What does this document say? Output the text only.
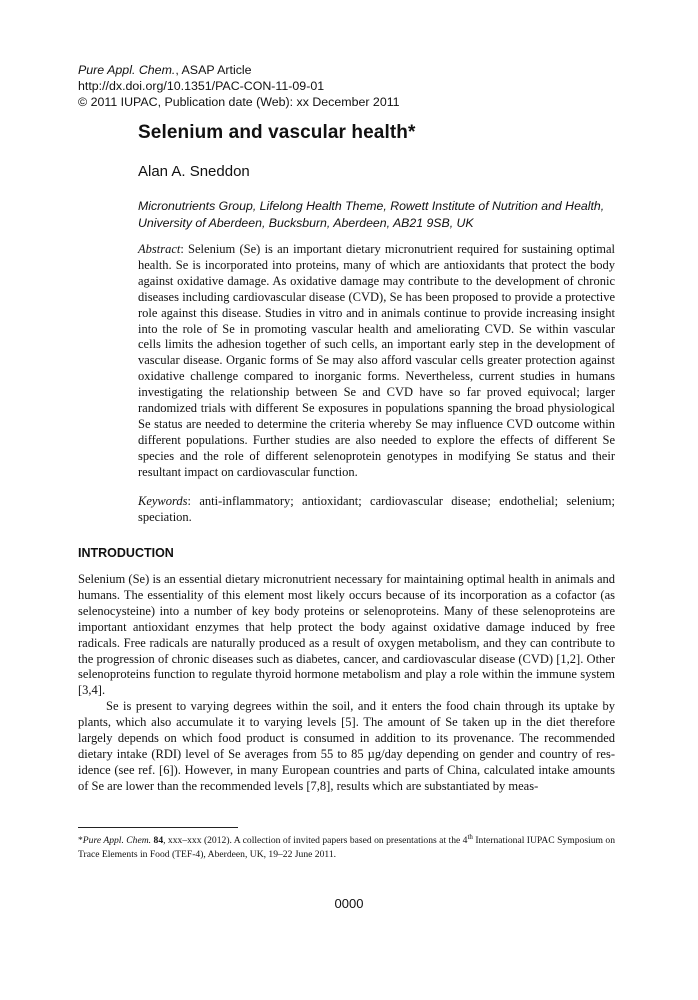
Pure Appl. Chem., ASAP Article
http://dx.doi.org/10.1351/PAC-CON-11-09-01
© 2011 IUPAC, Publication date (Web): xx December 2011
Selenium and vascular health*
Alan A. Sneddon
Micronutrients Group, Lifelong Health Theme, Rowett Institute of Nutrition and Health, University of Aberdeen, Bucksburn, Aberdeen, AB21 9SB, UK
Abstract: Selenium (Se) is an important dietary micronutrient required for sustaining optimal health. Se is incorporated into proteins, many of which are antioxidants that protect the body against oxidative damage. As oxidative damage may contribute to the development of chronic diseases including cardiovascular disease (CVD), Se has been proposed to provide a protective role against this disease. Studies in vitro and in animals continue to provide increasing insight into the role of Se in promoting vascular health and ameliorating CVD. Se within vascular cells limits the adhesion together of such cells, an important early step in the development of vascular disease. Organic forms of Se may also afford vascular cells greater protection against oxidative challenge compared to inorganic forms. Nevertheless, current studies in humans investigating the relationship between Se and CVD have so far proved equivocal; larger randomized trials with different Se exposures in populations spanning the broad physiological Se status are needed to determine the criteria whereby Se may influence CVD outcome within different populations. Further studies are also needed to explore the effects of different Se species and the role of different selenoprotein genotypes in modifying Se status and their resultant impact on cardiovascular function.
Keywords: anti-inflammatory; antioxidant; cardiovascular disease; endothelial; selenium; speciation.
INTRODUCTION

Selenium (Se) is an essential dietary micronutrient necessary for maintaining optimal health in animals and humans. The essentiality of this element most likely occurs because of its incorporation as a cofactor (as selenocysteine) into a number of key body proteins or selenoproteins. Many of these selenoproteins are important antioxidant enzymes that help protect the body against oxidative damage induced by free radicals. Free radicals are naturally produced as a result of oxygen metabolism, and they can contribute to the progression of chronic diseases such as diabetes, cancer, and cardiovascular disease (CVD) [1,2]. Other selenoproteins function to regulate thyroid hormone metabolism and play a role within the immune system [3,4].

Se is present to varying degrees within the soil, and it enters the food chain through its uptake by plants, which also accumulate it to varying levels [5]. The amount of Se taken up in the diet therefore largely depends on which food product is consumed in addition to its provenance. The recommended dietary intake (RDI) level of Se averages from 55 to 85 µg/day depending on gender and country of residence (see ref. [6]). However, in many European countries and parts of China, calculated intake amounts of Se are lower than the recommended levels [7,8], results which are substantiated by meas-

*Pure Appl. Chem. 84, xxx–xxx (2012). A collection of invited papers based on presentations at the 4th International IUPAC Symposium on Trace Elements in Food (TEF-4), Aberdeen, UK, 19–22 June 2011.
0000
